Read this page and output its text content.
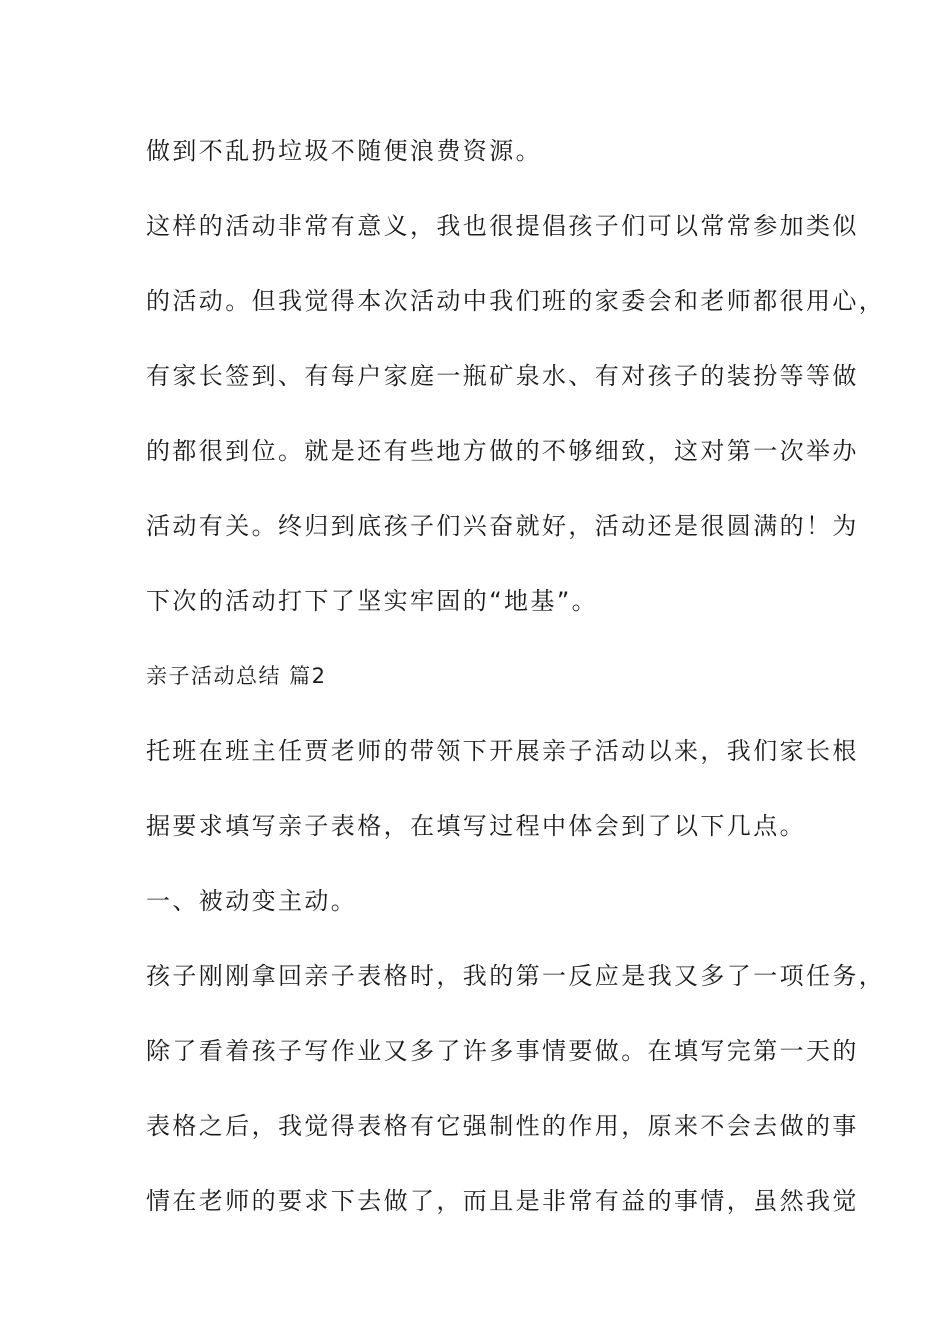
做到不乱扔垃圾不随便浪费资源。
这样的活动非常有意义，我也很提倡孩子们可以常常参加类似
的活动。但我觉得本次活动中我们班的家委会和老师都很用心，
有家长签到、有每户家庭一瓶矿泉水、有对孩子的装扮等等做
的都很到位。就是还有些地方做的不够细致，这对第一次举办
活动有关。终归到底孩子们兴奋就好，活动还是很圆满的！为
下次的活动打下了坚实牢固的“地基”。
亲子活动总结 篇2
托班在班主任贾老师的带领下开展亲子活动以来，我们家长根
据要求填写亲子表格，在填写过程中体会到了以下几点。
一、被动变主动。
孩子刚刚拿回亲子表格时，我的第一反应是我又多了一项任务，
除了看着孩子写作业又多了许多事情要做。在填写完第一天的
表格之后，我觉得表格有它强制性的作用，原来不会去做的事
情在老师的要求下去做了，而且是非常有益的事情，虽然我觉
